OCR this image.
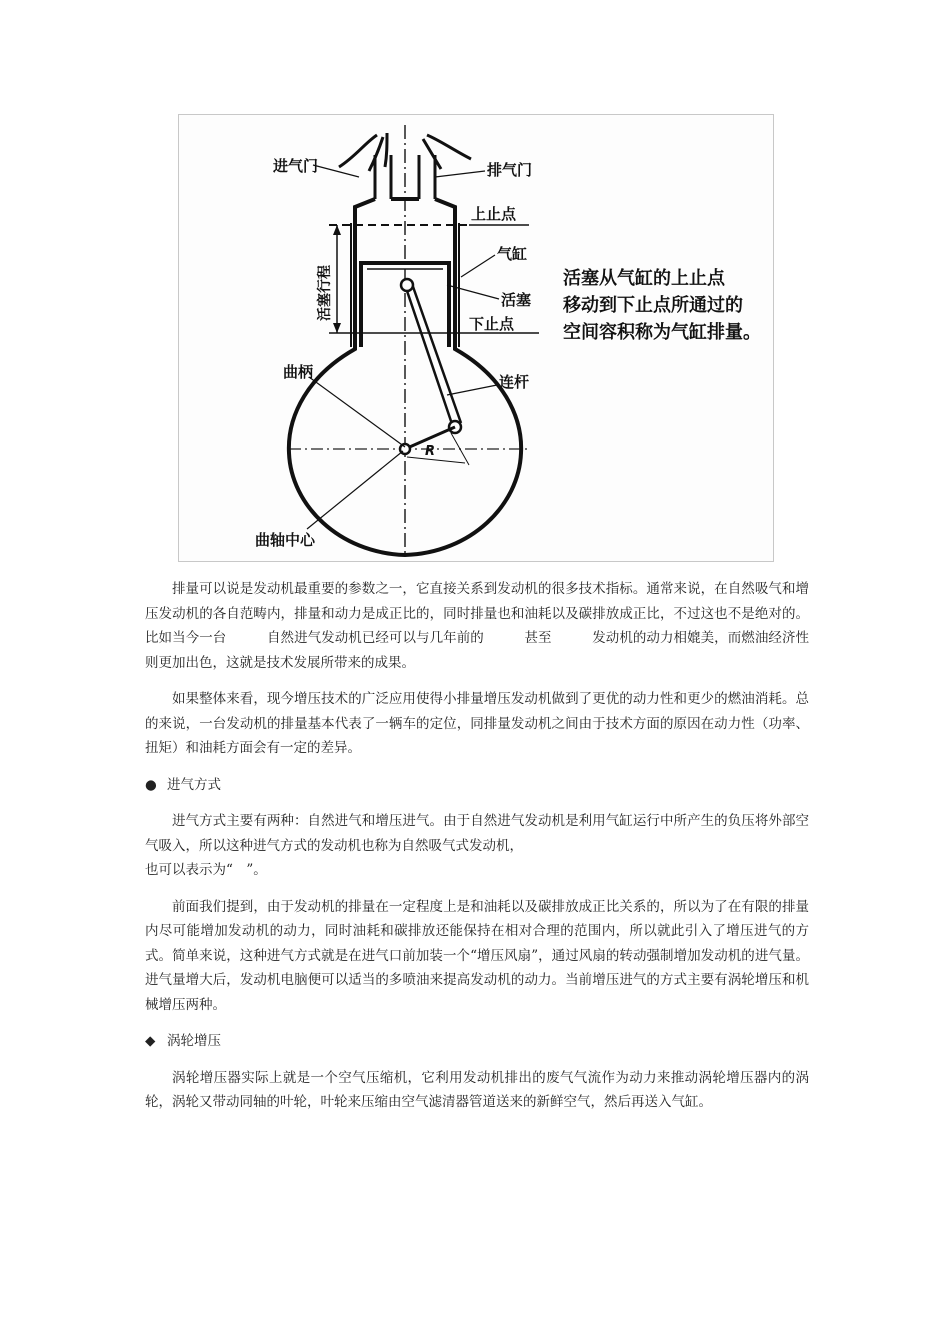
进气门	排气门
上止点
气缸
活塞行程	活塞
下止点
曲柄
连杆
R
曲轴中心
活塞从气缸的上止点
移动到下止点所通过的
空间容积称为气缸排量。

排量可以说是发动机最重要的参数之一，它直接关系到发动机的很多技术指标。通常来说，在自然吸气和增压发动机的各自范畴内，排量和动力是成正比的，同时排量也和油耗以及碳排放成正比，不过这也不是绝对的。比如当今一台　　　自然进气发动机已经可以与几年前的　　　甚至　　　发动机的动力相媲美，而燃油经济性则更加出色，这就是技术发展所带来的成果。

如果整体来看，现今增压技术的广泛应用使得小排量增压发动机做到了更优的动力性和更少的燃油消耗。总的来说，一台发动机的排量基本代表了一辆车的定位，同排量发动机之间由于技术方面的原因在动力性（功率、扭矩）和油耗方面会有一定的差异。

● 进气方式

进气方式主要有两种：自然进气和增压进气。由于自然进气发动机是利用气缸运行中所产生的负压将外部空气吸入，所以这种进气方式的发动机也称为自然吸气式发动机，

也可以表示为“　”。

前面我们提到，由于发动机的排量在一定程度上是和油耗以及碳排放成正比关系的，所以为了在有限的排量内尽可能增加发动机的动力，同时油耗和碳排放还能保持在相对合理的范围内，所以就此引入了增压进气的方式。简单来说，这种进气方式就是在进气口前加装一个“增压风扇”，通过风扇的转动强制增加发动机的进气量。进气量增大后，发动机电脑便可以适当的多喷油来提高发动机的动力。当前增压进气的方式主要有涡轮增压和机械增压两种。

◆ 涡轮增压

涡轮增压器实际上就是一个空气压缩机，它利用发动机排出的废气气流作为动力来推动涡轮增压器内的涡轮，涡轮又带动同轴的叶轮，叶轮来压缩由空气滤清器管道送来的新鲜空气，然后再送入气缸。
